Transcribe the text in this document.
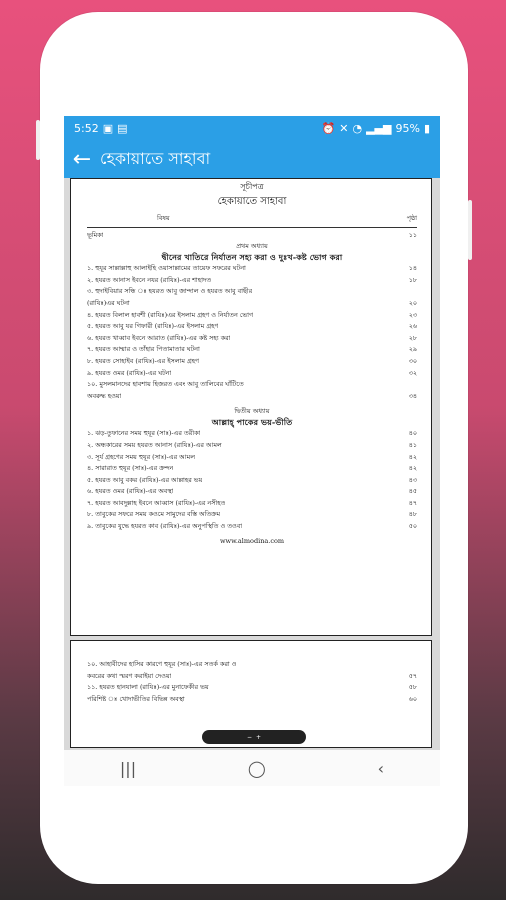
5:52 ▣ ▤	⏰ ✕ ◔ ▂▄▆ 95% ▮
← হেকায়াতে সাহাবা
সূচীপত্র
হেকায়াতে সাহাবা
বিষয়	পৃষ্ঠা
ভূমিকা	১১
প্রথম অধ্যায়
দ্বীনের খাতিরে নির্যাতন সহ্য করা ও দুঃখ-কষ্ট ভোগ করা
১. হুযূর সাল্লাল্লাহু আলাইহি ওয়াসাল্লামের তায়েফ সফরের ঘটনা	১৪
২. হযরত আনাস ইবনে নযর (রাযিঃ)-এর শাহাদত	১৮
৩. হুদাইবিয়ার সন্ধি ঃ হযরত আবু জান্দাল ও হযরত আবু বাছীর
(রাযিঃ)এর ঘটনা	২০
৪. হযরত বিলাল হাবশী (রাযিঃ)এর ইসলাম গ্রহণ ও নির্যাতন ভোগ	২৩
৫. হযরত আবু যর গিফারী (রাযিঃ)-এর ইসলাম গ্রহণ	২৬
৬. হযরত খাব্বাব ইবনে আরাত (রাযিঃ)-এর কষ্ট সহ্য করা	২৮
৭. হযরত আম্মার ও তাঁহার পিতামাতার ঘটনা	২৯
৮. হযরত সোহাইব (রাযিঃ)-এর ইসলাম গ্রহণ	৩০
৯. হযরত ওমর (রাযিঃ)-এর ঘটনা	৩২
১০. মুসলমানদের হাবশায় হিজরত এবং আবু তালিবের ঘাঁটিতে
অবরুদ্ধ হওয়া	৩৪
দ্বিতীয় অধ্যায়
আল্লাহ্‌ পাকের ভয়-ভীতি
১. ঝড়-তুফানের সময় হুযূর (সাঃ)-এর তরীকা	৪০
২. অন্ধকারের সময় হযরত আনাস (রাযিঃ)-এর আমল	৪১
৩. সূর্য গ্রহণের সময় হুযূর (সাঃ)-এর আমল	৪২
৪. সারারাত হুযূর (সাঃ)-এর ক্রন্দন	৪২
৫. হযরত আবু বকর (রাযিঃ)-এর আল্লাহর ভয়	৪৩
৬. হযরত ওমর (রাযিঃ)-এর অবস্থা	৪৫
৭. হযরত আবদুল্লাহ ইবনে আব্বাস (রাযিঃ)-এর নসীহত	৪৭
৮. তাবুকের সফরে সময় কওমে সামুদের বস্তি অতিক্রম	৪৮
৯. তাবুকের যুদ্ধে হযরত কাব (রাযিঃ)-এর অনুপস্থিতি ও তওবা	৫০
www.almodina.com
১০. আহাবীদের হাসির কারণে হুযূর (সাঃ)-এর সতর্ক করা ও
কবরের কথা স্মরণ করাইয়া দেওয়া	৫৭
১১. হযরত হানযালা (রাযিঃ)-এর মুনাফেকীর ভয়	৫৮
পরিশিষ্ট ঃ খোদাভীতির বিভিন্ন অবস্থা	৬০
− +
|||	◯	‹
